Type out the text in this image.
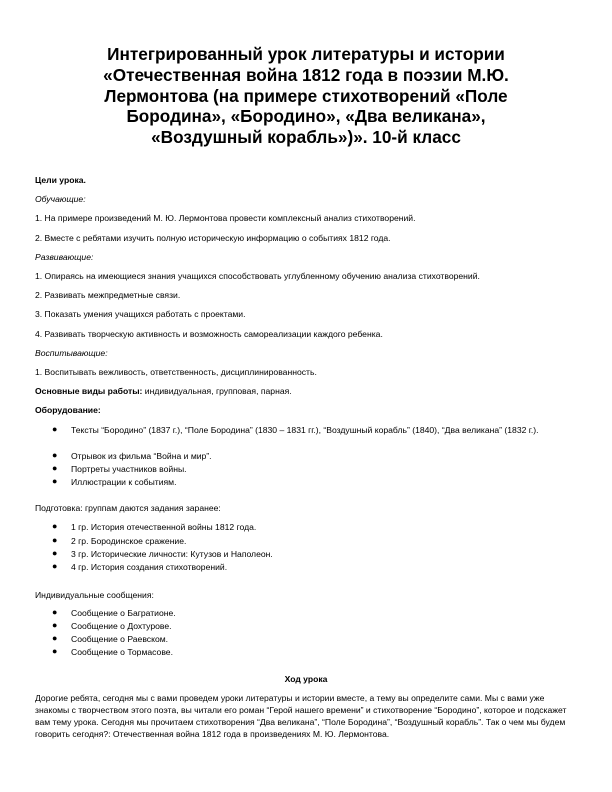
Интегрированный урок литературы и истории
«Отечественная война 1812 года в поэзии М.Ю.
Лермонтова (на примере стихотворений «Поле
Бородина», «Бородино», «Два великана»,
«Воздушный корабль»)». 10-й класс
Цели урока.
Обучающие:
1. На примере произведений М. Ю. Лермонтова провести комплексный анализ стихотворений.
2. Вместе с ребятами изучить полную историческую информацию о событиях 1812 года.
Развивающие:
1. Опираясь на имеющиеся знания учащихся способствовать углубленному обучению анализа стихотворений.
2. Развивать межпредметные связи.
3. Показать умения учащихся работать с проектами.
4. Развивать творческую активность и возможность самореализации каждого ребенка.
Воспитывающие:
1. Воспитывать вежливость, ответственность, дисциплинированность.
Основные виды работы: индивидуальная, групповая, парная.
Оборудование:
● Тексты “Бородино” (1837 г.), “Поле Бородина” (1830 – 1831 гг.), “Воздушный корабль” (1840), “Два великана” (1832 г.).
● Отрывок из фильма “Война и мир”.
● Портреты участников войны.
● Иллюстрации к событиям.
Подготовка: группам даются задания заранее:
● 1 гр. История отечественной войны 1812 года.
● 2 гр. Бородинское сражение.
● 3 гр. Исторические личности: Кутузов и Наполеон.
● 4 гр. История создания стихотворений.
Индивидуальные сообщения:
● Сообщение о Багратионе.
● Сообщение о Дохтурове.
● Сообщение о Раевском.
● Сообщение о Тормасове.
Ход урока
Дорогие ребята, сегодня мы с вами проведем уроки литературы и истории вместе, а тему вы определите сами. Мы с вами уже знакомы с творчеством этого поэта, вы читали его роман “Герой нашего времени” и стихотворение “Бородино”, которое и подскажет вам тему урока. Сегодня мы прочитаем стихотворения “Два великана”, “Поле Бородина”, “Воздушный корабль”. Так о чем мы будем говорить сегодня?: Отечественная война 1812 года в произведениях М. Ю. Лермонтова.
